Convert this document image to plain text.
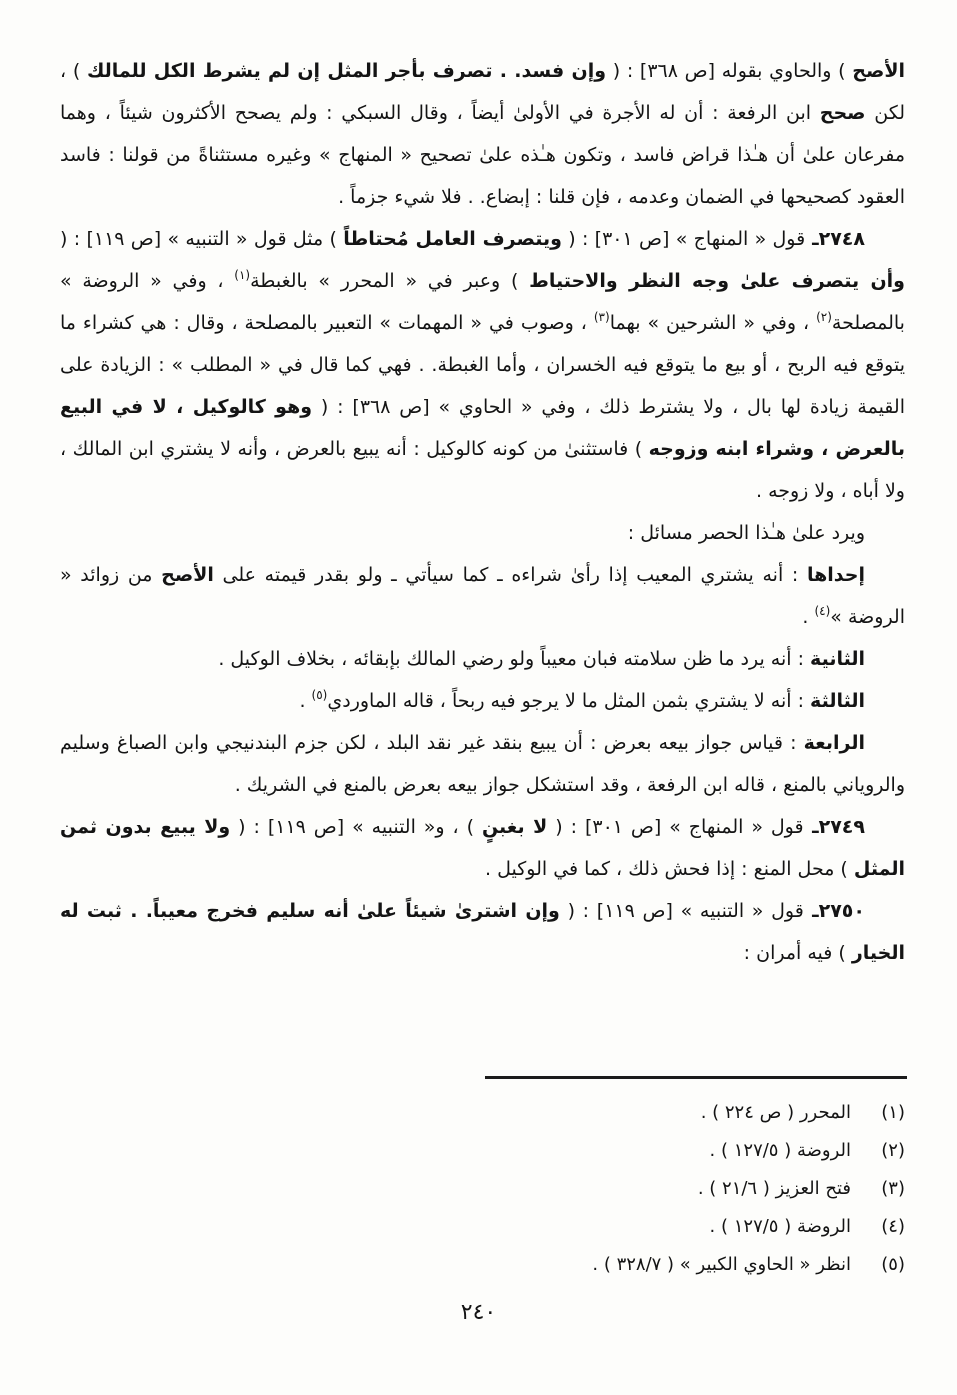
الأصح ) والحاوي بقوله [ص ٣٦٨] : ( وإن فسد. . تصرف بأجر المثل إن لم يشرط الكل للمالك ) ، لكن صحح ابن الرفعة : أن له الأجرة في الأولىٰ أيضاً ، وقال السبكي : ولم يصحح الأكثرون شيئاً ، وهما مفرعان علىٰ أن هـٰذا قراض فاسد ، وتكون هـٰذه علىٰ تصحيح « المنهاج » وغيره مستثناةً من قولنا : فاسد العقود كصحيحها في الضمان وعدمه ، فإن قلنا : إبضاع. . فلا شيء جزماً .
٢٧٤٨ـ قول « المنهاج » [ص ٣٠١] : ( ويتصرف العامل مُحتاطاً ) مثل قول « التنبيه » [ص ١١٩] : ( وأن يتصرف علىٰ وجه النظر والاحتياط ) وعبر في « المحرر » بالغبطة$^{(١)}$ ، وفي « الروضة » بالمصلحة$^{(٢)}$ ، وفي « الشرحين » بهما$^{(٣)}$ ، وصوب في « المهمات » التعبير بالمصلحة ، وقال : هي كشراء ما يتوقع فيه الربح ، أو بيع ما يتوقع فيه الخسران ، وأما الغبطة. . فهي كما قال في « المطلب » : الزيادة على القيمة زيادة لها بال ، ولا يشترط ذلك ، وفي « الحاوي » [ص ٣٦٨] : ( وهو كالوكيل ، لا في البيع بالعرض ، وشراء ابنه وزوجه ) فاستثنىٰ من كونه كالوكيل : أنه يبيع بالعرض ، وأنه لا يشتري ابن المالك ، ولا أباه ، ولا زوجه .
ويرد علىٰ هـٰذا الحصر مسائل :
إحداها : أنه يشتري المعيب إذا رأىٰ شراءه ـ كما سيأتي ـ ولو بقدر قيمته على الأصح من زوائد « الروضة »$^{(٤)}$ .
الثانية : أنه يرد ما ظن سلامته فبان معيباً ولو رضي المالك بإبقائه ، بخلاف الوكيل .
الثالثة : أنه لا يشتري بثمن المثل ما لا يرجو فيه ربحاً ، قاله الماوردي$^{(٥)}$ .
الرابعة : قياس جواز بيعه بعرض : أن يبيع بنقد غير نقد البلد ، لكن جزم البندنيجي وابن الصباغ وسليم والروياني بالمنع ، قاله ابن الرفعة ، وقد استشكل جواز بيعه بعرض بالمنع في الشريك .
٢٧٤٩ـ قول « المنهاج » [ص ٣٠١] : ( لا بغبنٍ ) ، و« التنبيه » [ص ١١٩] : ( ولا يبيع بدون ثمن المثل ) محل المنع : إذا فحش ذلك ، كما في الوكيل .
٢٧٥٠ـ قول « التنبيه » [ص ١١٩] : ( وإن اشترىٰ شيئاً علىٰ أنه سليم فخرج معيباً. . ثبت له الخيار ) فيه أمران :
(١)
المحرر ( ص ٢٢٤ ) .
(٢)
الروضة ( ١٢٧/٥ ) .
(٣)
فتح العزيز ( ٢١/٦ ) .
(٤)
الروضة ( ١٢٧/٥ ) .
(٥)
انظر « الحاوي الكبير » ( ٣٢٨/٧ ) .
٢٤٠
